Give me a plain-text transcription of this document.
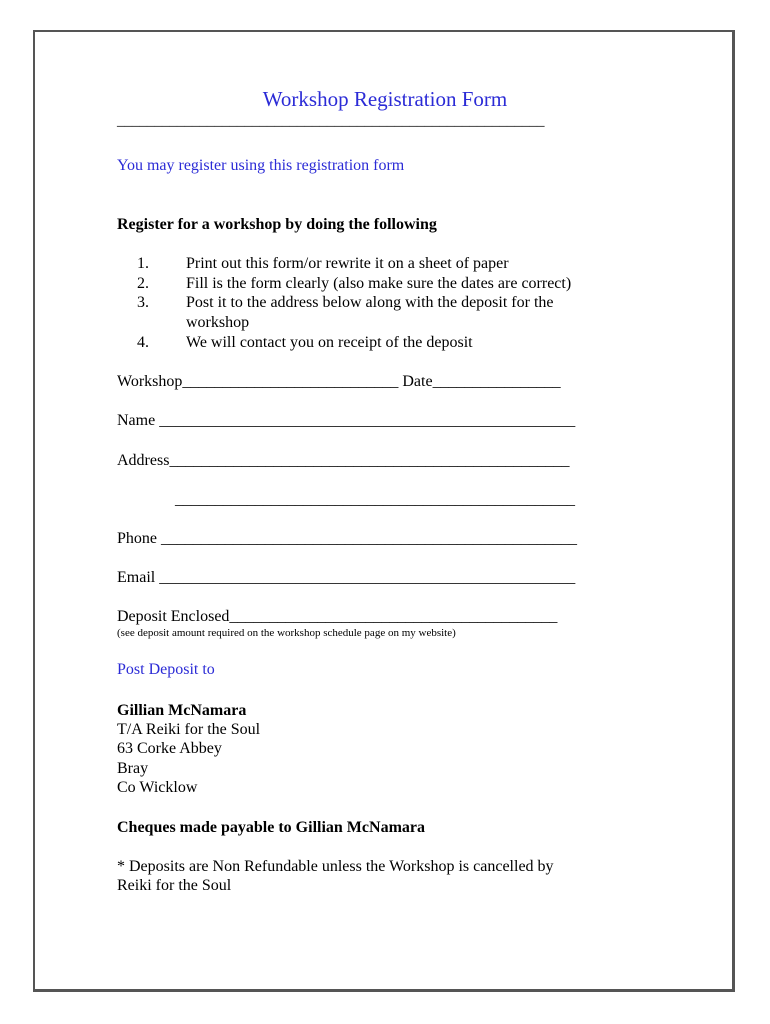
Workshop Registration Form
_________________________________________________________
You may register using this registration form
Register for a workshop by doing the following
1. Print out this form/or rewrite it on a sheet of paper
2. Fill is the form clearly (also make sure the dates are correct)
3. Post it to the address below along with the deposit for the
workshop
4. We will contact you on receipt of the deposit
Workshop___________________________ Date________________
Name ____________________________________________________
Address__________________________________________________
__________________________________________________
Phone ____________________________________________________
Email ____________________________________________________
Deposit Enclosed_________________________________________
(see deposit amount required on the workshop schedule page on my website)
Post Deposit to
Gillian McNamara
T/A Reiki for the Soul
63 Corke Abbey
Bray
Co Wicklow
Cheques made payable to Gillian McNamara
* Deposits are Non Refundable unless the Workshop is cancelled by
Reiki for the Soul
